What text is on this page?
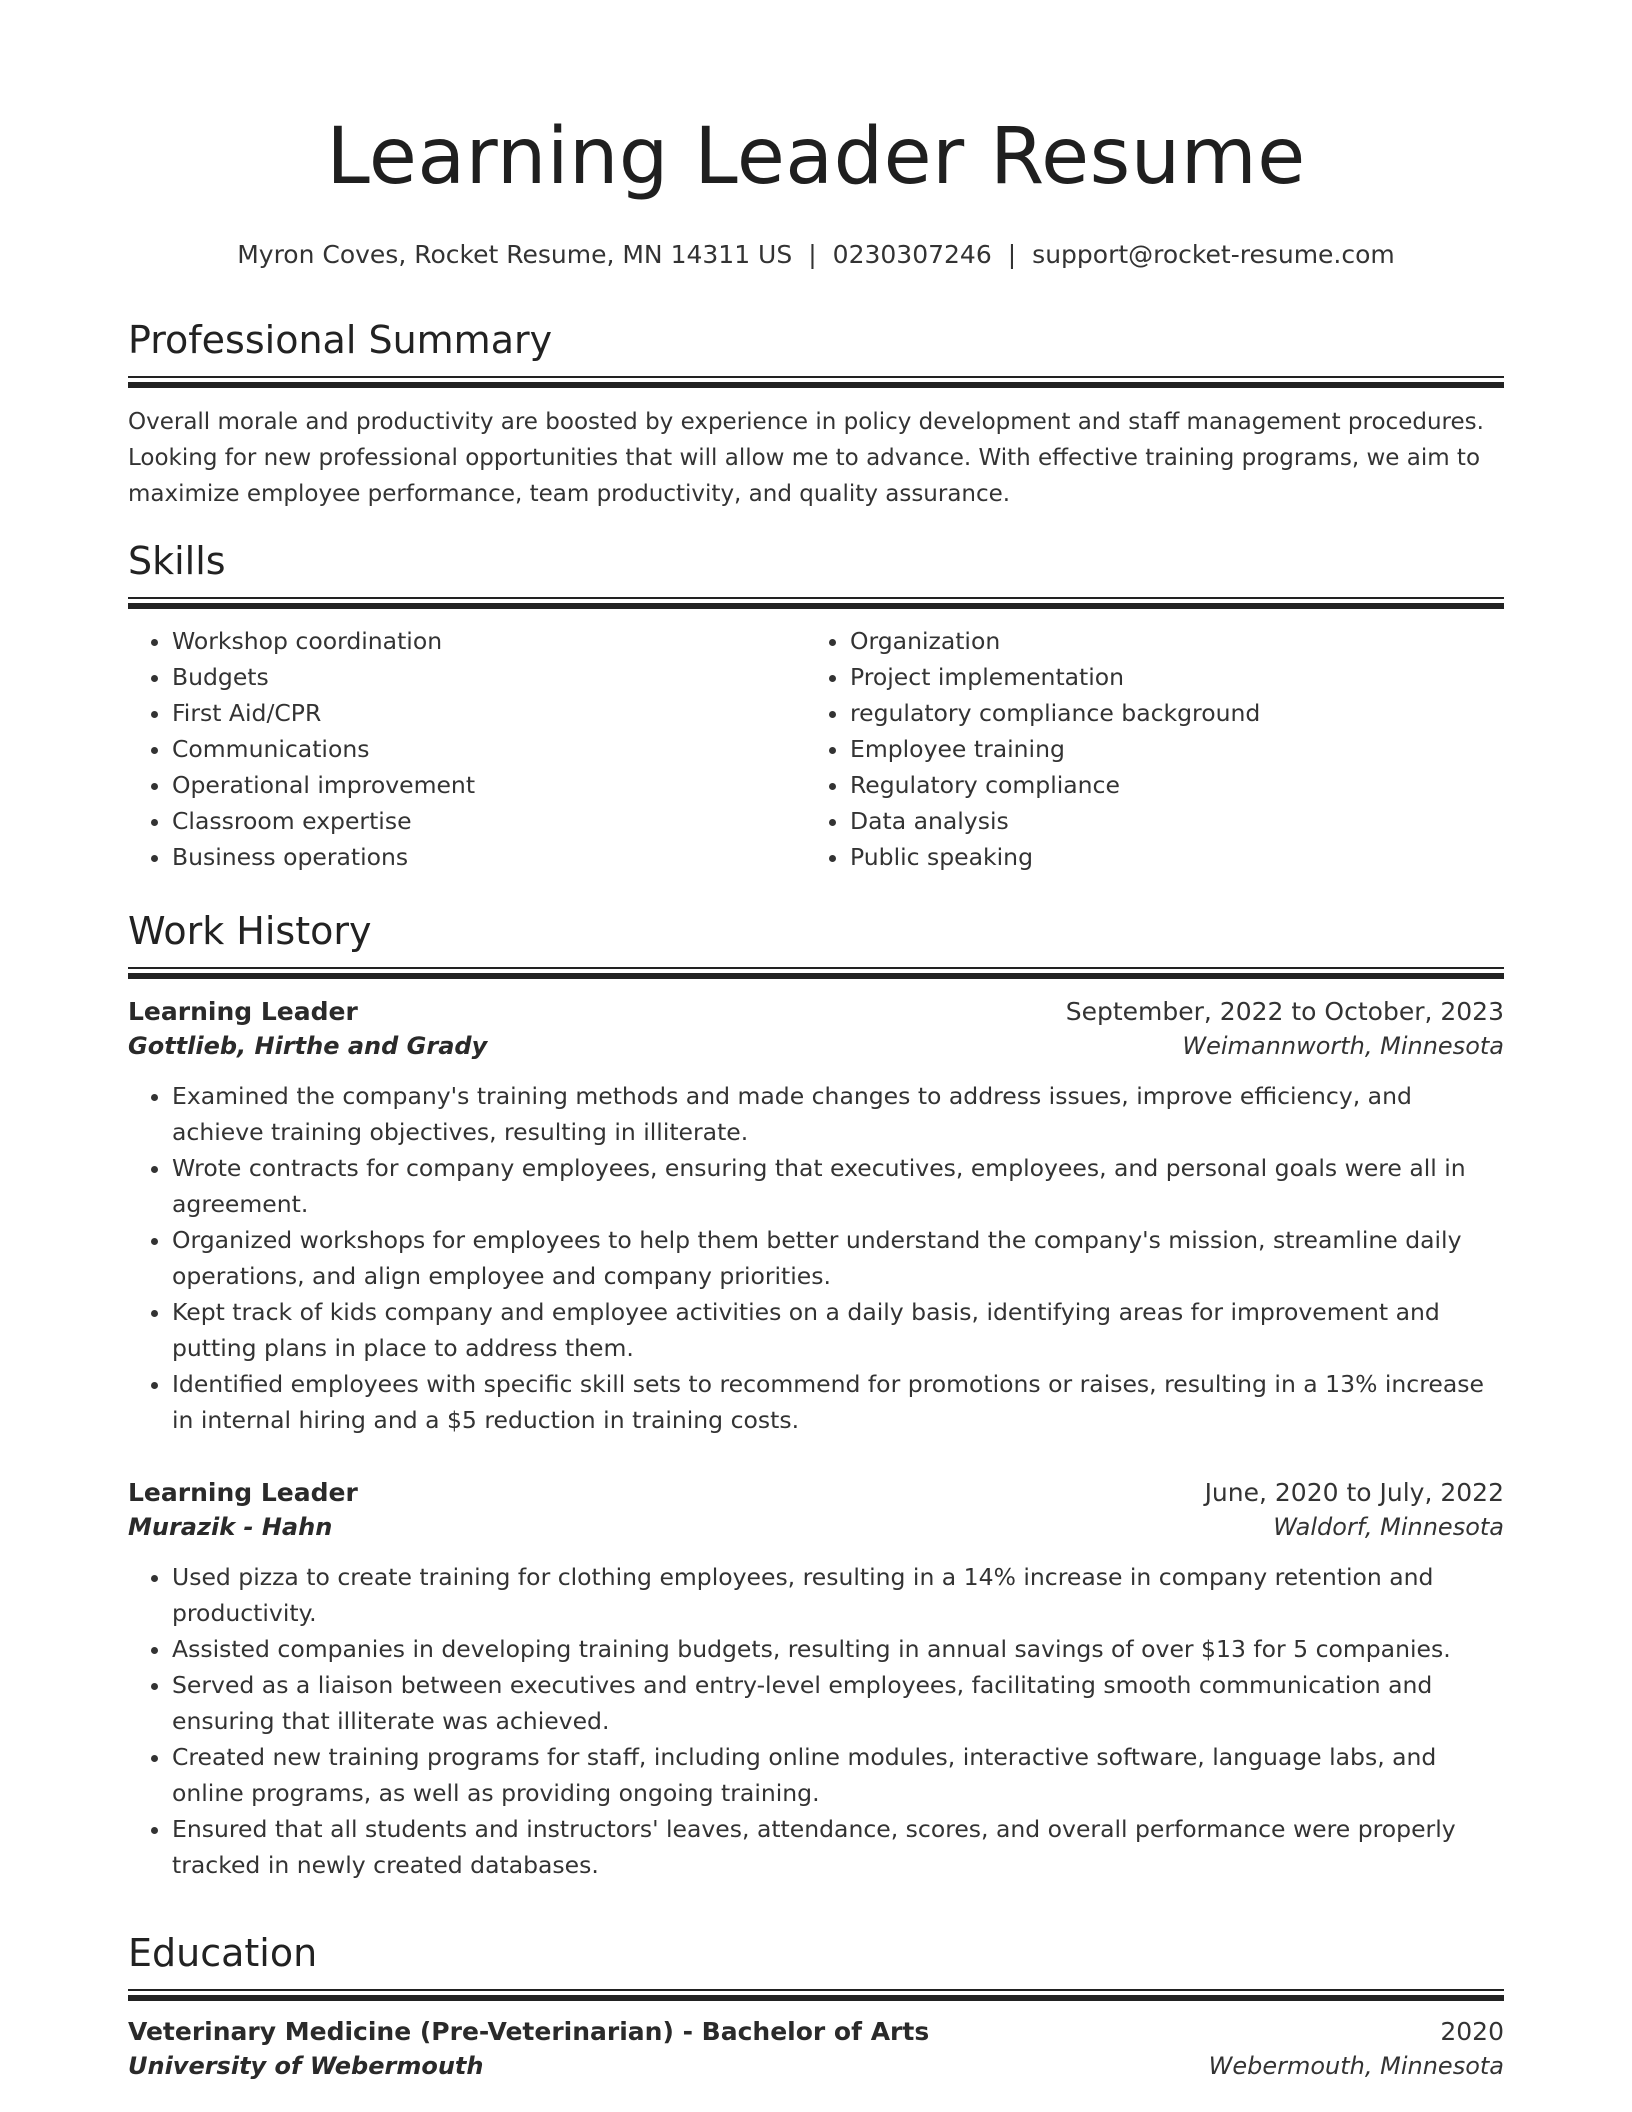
Learning Leader Resume
Myron Coves, Rocket Resume, MN 14311 US | 0230307246 | support@rocket-resume.com
Professional Summary

Overall morale and productivity are boosted by experience in policy development and staff management procedures. Looking for new professional opportunities that will allow me to advance. With effective training programs, we aim to maximize employee performance, team productivity, and quality assurance.

Skills
• Workshop coordination
• Budgets
• First Aid/CPR
• Communications
• Operational improvement
• Classroom expertise
• Business operations
• Organization
• Project implementation
• regulatory compliance background
• Employee training
• Regulatory compliance
• Data analysis
• Public speaking
Work History
Learning Leader	September, 2022 to October, 2023
Gottlieb, Hirthe and Grady	Weimannworth, Minnesota
• Examined the company's training methods and made changes to address issues, improve efficiency, and achieve training objectives, resulting in illiterate.
• Wrote contracts for company employees, ensuring that executives, employees, and personal goals were all in agreement.
• Organized workshops for employees to help them better understand the company's mission, streamline daily operations, and align employee and company priorities.
• Kept track of kids company and employee activities on a daily basis, identifying areas for improvement and putting plans in place to address them.
• Identified employees with specific skill sets to recommend for promotions or raises, resulting in a 13% increase in internal hiring and a $5 reduction in training costs.
Learning Leader	June, 2020 to July, 2022
Murazik - Hahn	Waldorf, Minnesota
• Used pizza to create training for clothing employees, resulting in a 14% increase in company retention and productivity.
• Assisted companies in developing training budgets, resulting in annual savings of over $13 for 5 companies.
• Served as a liaison between executives and entry-level employees, facilitating smooth communication and ensuring that illiterate was achieved.
• Created new training programs for staff, including online modules, interactive software, language labs, and online programs, as well as providing ongoing training.
• Ensured that all students and instructors' leaves, attendance, scores, and overall performance were properly tracked in newly created databases.
Education
Veterinary Medicine (Pre-Veterinarian) - Bachelor of Arts	2020
University of Webermouth	Webermouth, Minnesota
